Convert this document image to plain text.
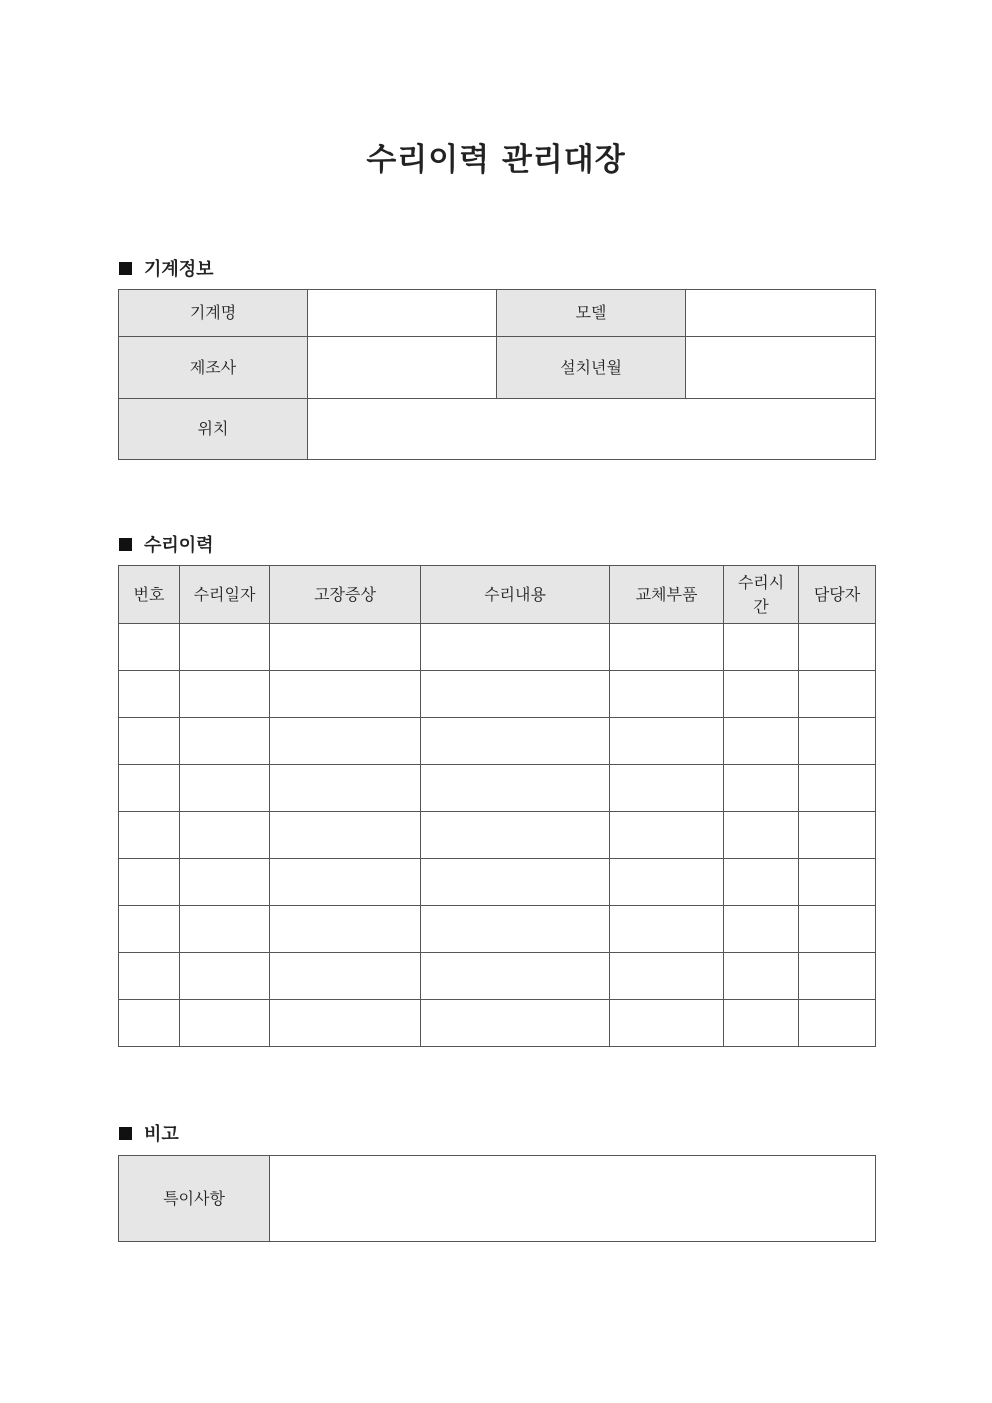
수리이력 관리대장
기계정보
기계명		모델	
제조사		설치년월	
위치			
수리이력
번호	수리일자	고장증상	수리내용	교체부품	수리시간	담당자

비고
특이사항	
